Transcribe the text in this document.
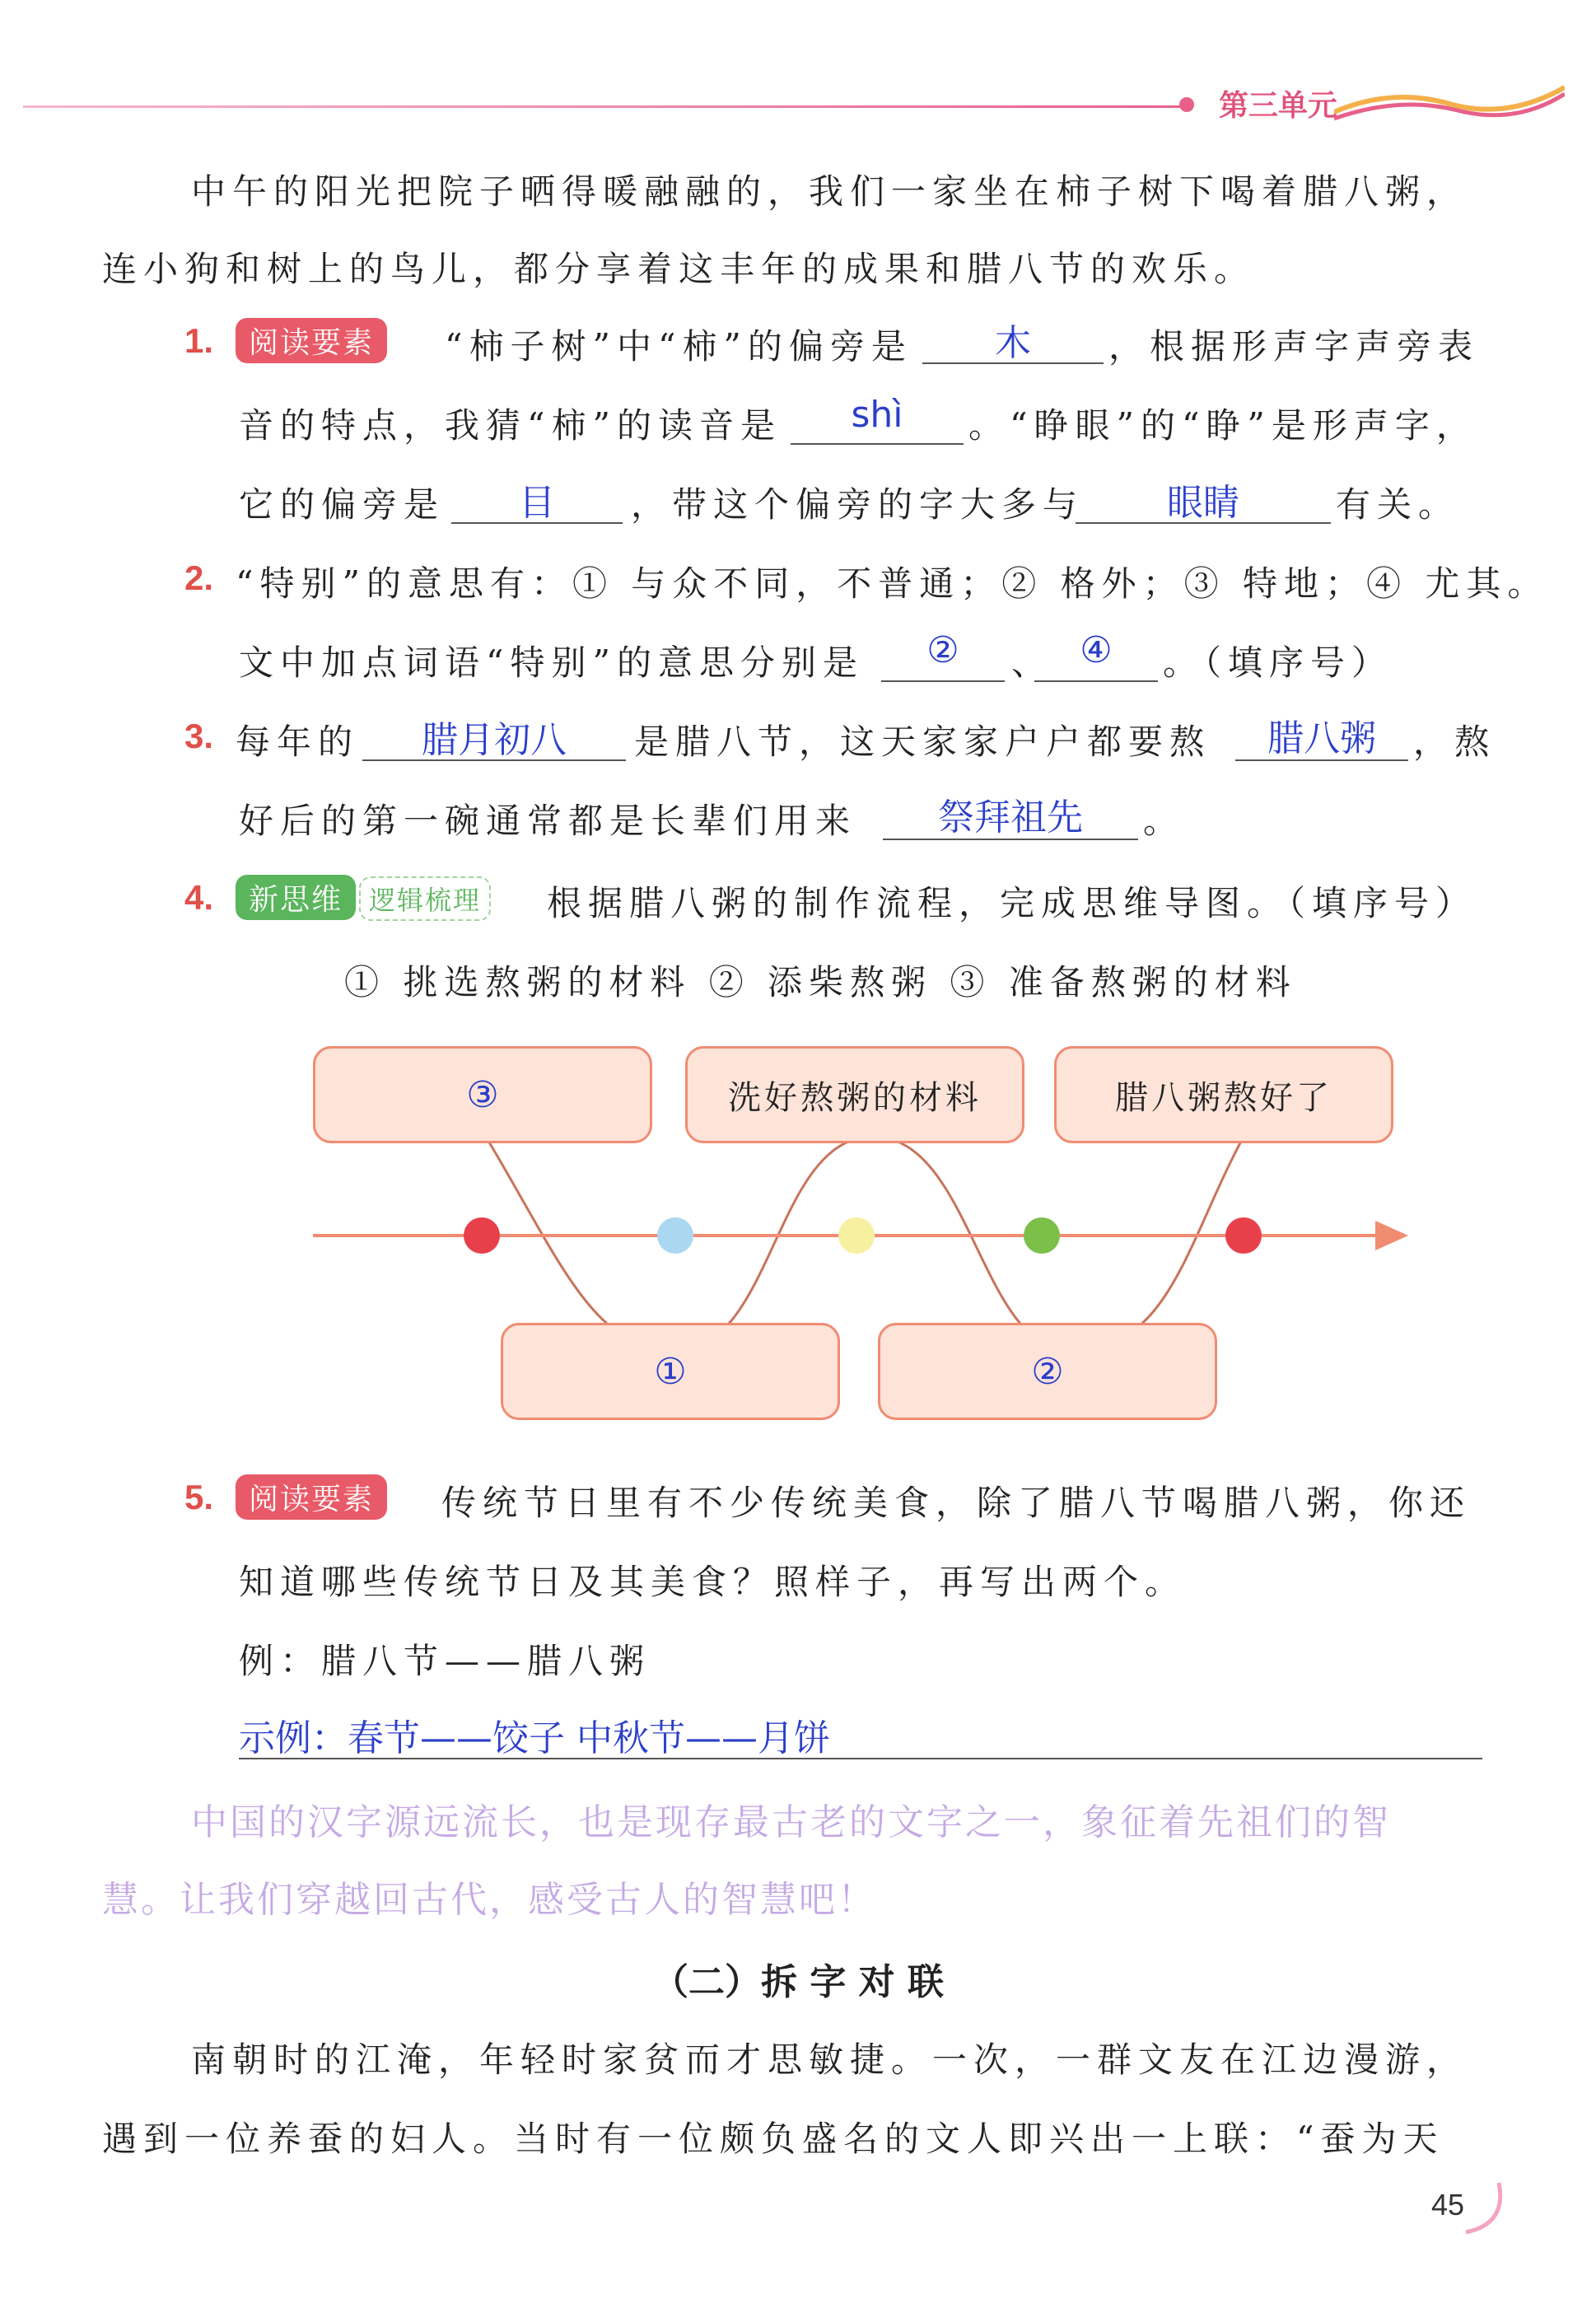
第三单元
中午的阳光把院子晒得暖融融的，我们一家坐在柿子树下喝着腊八粥，
连小狗和树上的鸟儿，都分享着这丰年的成果和腊八节的欢乐。
1.	阅读要素	“柿子树”中“柿”的偏旁是	木	，根据形声字声旁表
音的特点，我猜“柿”的读音是	shì	。“睁眼”的“睁”是形声字，
它的偏旁是	目	，带这个偏旁的字大多与	眼睛	有关。
2. “特别”的意思有：① 与众不同，不普通；② 格外；③ 特地；④ 尤其。
文中加点词语“特别”的意思分别是	②	、 ④	。（填序号）
3. 每年的	腊月初八	是腊八节，这天家家户户都要熬	腊八粥	，熬
好后的第一碗通常都是长辈们用来	祭拜祖先	。
4.	新思维 逻辑梳理 根据腊八粥的制作流程，完成思维导图。（填序号）
① 挑选熬粥的材料 ② 添柴熬粥 ③ 准备熬粥的材料
③	洗好熬粥的材料	腊八粥熬好了
①	②
5.	阅读要素	传统节日里有不少传统美食，除了腊八节喝腊八粥，你还
知道哪些传统节日及其美食？照样子，再写出两个。
例：腊八节——腊八粥
示例：春节——饺子 中秋节——月饼
中国的汉字源远流长，也是现存最古老的文字之一，象征着先祖们的智
慧。让我们穿越回古代，感受古人的智慧吧！
（二）拆 字 对 联
南朝时的江淹，年轻时家贫而才思敏捷。一次，一群文友在江边漫游，
遇到一位养蚕的妇人。当时有一位颇负盛名的文人即兴出一上联：“蚕为天
45
